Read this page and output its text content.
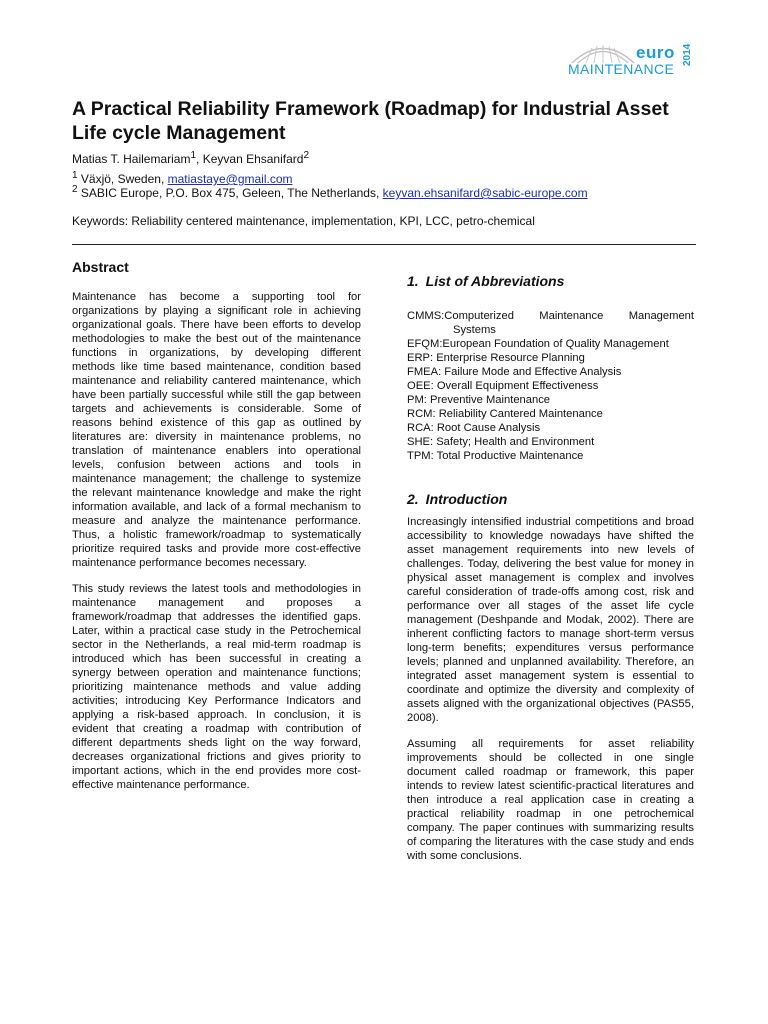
euro
MAINTENANCE
2014
A Practical Reliability Framework (Roadmap) for Industrial Asset Life cycle Management

Matias T. Hailemariam$^1$, Keyvan Ehsanifard$^2$

$^1$ Växjö, Sweden, matiastaye@gmail.com

$^2$ SABIC Europe, P.O. Box 475, Geleen, The Netherlands, keyvan.ehsanifard@sabic-europe.com

Keywords: Reliability centered maintenance, implementation, KPI, LCC, petro-chemical

Abstract

Maintenance has become a supporting tool for organizations by playing a significant role in achieving organizational goals. There have been efforts to develop methodologies to make the best out of the maintenance functions in organizations, by developing different methods like time based maintenance, condition based maintenance and reliability cantered maintenance, which have been partially successful while still the gap between targets and achievements is considerable. Some of reasons behind existence of this gap as outlined by literatures are: diversity in maintenance problems, no translation of maintenance enablers into operational levels, confusion between actions and tools in maintenance management; the challenge to systemize the relevant maintenance knowledge and make the right information available, and lack of a formal mechanism to measure and analyze the maintenance performance. Thus, a holistic framework/roadmap to systematically prioritize required tasks and provide more cost-effective maintenance performance becomes necessary.

This study reviews the latest tools and methodologies in maintenance management and proposes a framework/roadmap that addresses the identified gaps. Later, within a practical case study in the Petrochemical sector in the Netherlands, a real mid-term roadmap is introduced which has been successful in creating a synergy between operation and maintenance functions; prioritizing maintenance methods and value adding activities; introducing Key Performance Indicators and applying a risk-based approach. In conclusion, it is evident that creating a roadmap with contribution of different departments sheds light on the way forward, decreases organizational frictions and gives priority to important actions, which in the end provides more cost-effective maintenance performance.

1. List of Abbreviations
CMMS:Computerized Maintenance Management Systems
EFQM:European Foundation of Quality Management
ERP: Enterprise Resource Planning
FMEA: Failure Mode and Effective Analysis
OEE: Overall Equipment Effectiveness
PM: Preventive Maintenance
RCM: Reliability Cantered Maintenance
RCA: Root Cause Analysis
SHE: Safety; Health and Environment
TPM: Total Productive Maintenance
2. Introduction

Increasingly intensified industrial competitions and broad accessibility to knowledge nowadays have shifted the asset management requirements into new levels of challenges. Today, delivering the best value for money in physical asset management is complex and involves careful consideration of trade-offs among cost, risk and performance over all stages of the asset life cycle management (Deshpande and Modak, 2002). There are inherent conflicting factors to manage short-term versus long-term benefits; expenditures versus performance levels; planned and unplanned availability. Therefore, an integrated asset management system is essential to coordinate and optimize the diversity and complexity of assets aligned with the organizational objectives (PAS55, 2008).

Assuming all requirements for asset reliability improvements should be collected in one single document called roadmap or framework, this paper intends to review latest scientific-practical literatures and then introduce a real application case in creating a practical reliability roadmap in one petrochemical company. The paper continues with summarizing results of comparing the literatures with the case study and ends with some conclusions.
